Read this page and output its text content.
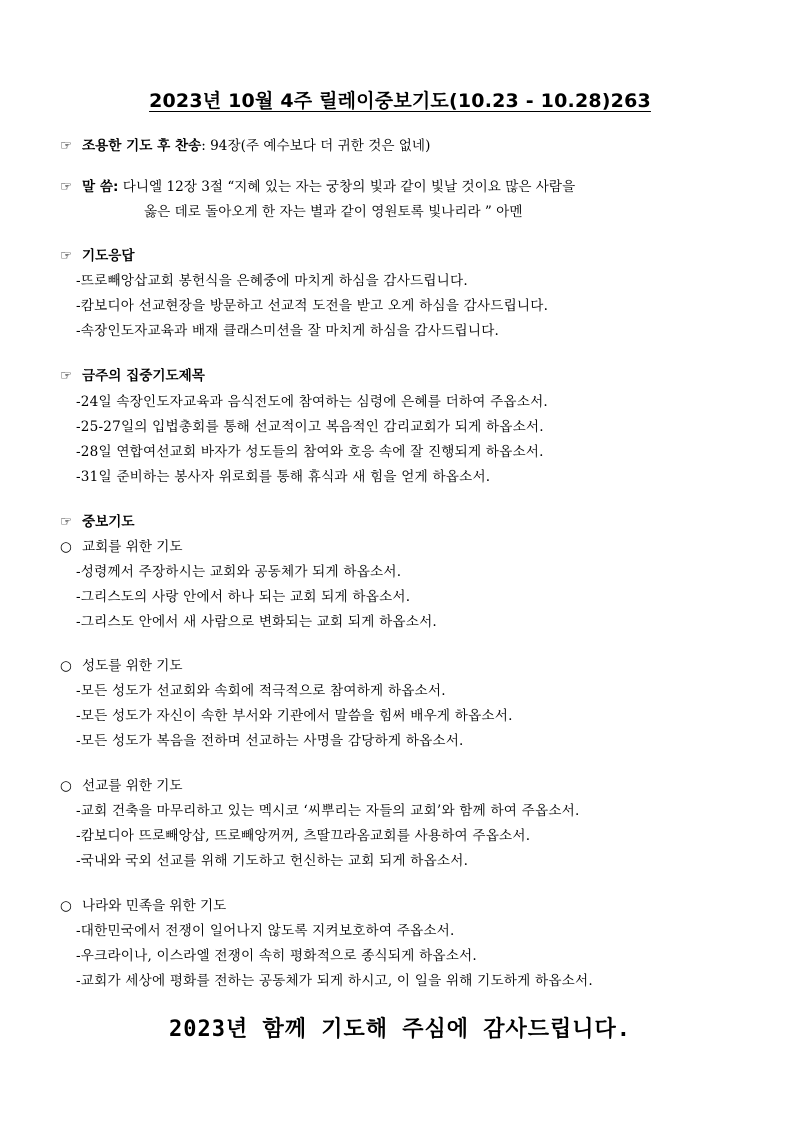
2023년 10월 4주 릴레이중보기도(10.23 - 10.28)263
☞ 조용한 기도 후 찬송: 94장(주 예수보다 더 귀한 것은 없네)
☞ 말 씀: 다니엘 12장 3절 “지혜 있는 자는 궁창의 빛과 같이 빛날 것이요 많은 사람을
옳은 데로 돌아오게 한 자는 별과 같이 영원토록 빛나리라 ” 아멘
☞ 기도응답
-뜨로빼앙삽교회 봉헌식을 은혜중에 마치게 하심을 감사드립니다.
-캄보디아 선교현장을 방문하고 선교적 도전을 받고 오게 하심을 감사드립니다.
-속장인도자교육과 배재 클래스미션을 잘 마치게 하심을 감사드립니다.
☞ 금주의 집중기도제목
-24일 속장인도자교육과 음식전도에 참여하는 심령에 은혜를 더하여 주옵소서.
-25-27일의 입법총회를 통해 선교적이고 복음적인 감리교회가 되게 하옵소서.
-28일 연합여선교회 바자가 성도들의 참여와 호응 속에 잘 진행되게 하옵소서.
-31일 준비하는 봉사자 위로회를 통해 휴식과 새 힘을 얻게 하옵소서.
☞ 중보기도
○ 교회를 위한 기도
-성령께서 주장하시는 교회와 공동체가 되게 하옵소서.
-그리스도의 사랑 안에서 하나 되는 교회 되게 하옵소서.
-그리스도 안에서 새 사람으로 변화되는 교회 되게 하옵소서.
○ 성도를 위한 기도
-모든 성도가 선교회와 속회에 적극적으로 참여하게 하옵소서.
-모든 성도가 자신이 속한 부서와 기관에서 말씀을 힘써 배우게 하옵소서.
-모든 성도가 복음을 전하며 선교하는 사명을 감당하게 하옵소서.
○ 선교를 위한 기도
-교회 건축을 마무리하고 있는 멕시코 ‘씨뿌리는 자들의 교회’와 함께 하여 주옵소서.
-캄보디아 뜨로빼앙삽, 뜨로빼앙꺼꺼, 츠딸끄라옴교회를 사용하여 주옵소서.
-국내와 국외 선교를 위해 기도하고 헌신하는 교회 되게 하옵소서.
○ 나라와 민족을 위한 기도
-대한민국에서 전쟁이 일어나지 않도록 지켜보호하여 주옵소서.
-우크라이나, 이스라엘 전쟁이 속히 평화적으로 종식되게 하옵소서.
-교회가 세상에 평화를 전하는 공동체가 되게 하시고, 이 일을 위해 기도하게 하옵소서.
2023년 함께 기도해 주심에 감사드립니다.
